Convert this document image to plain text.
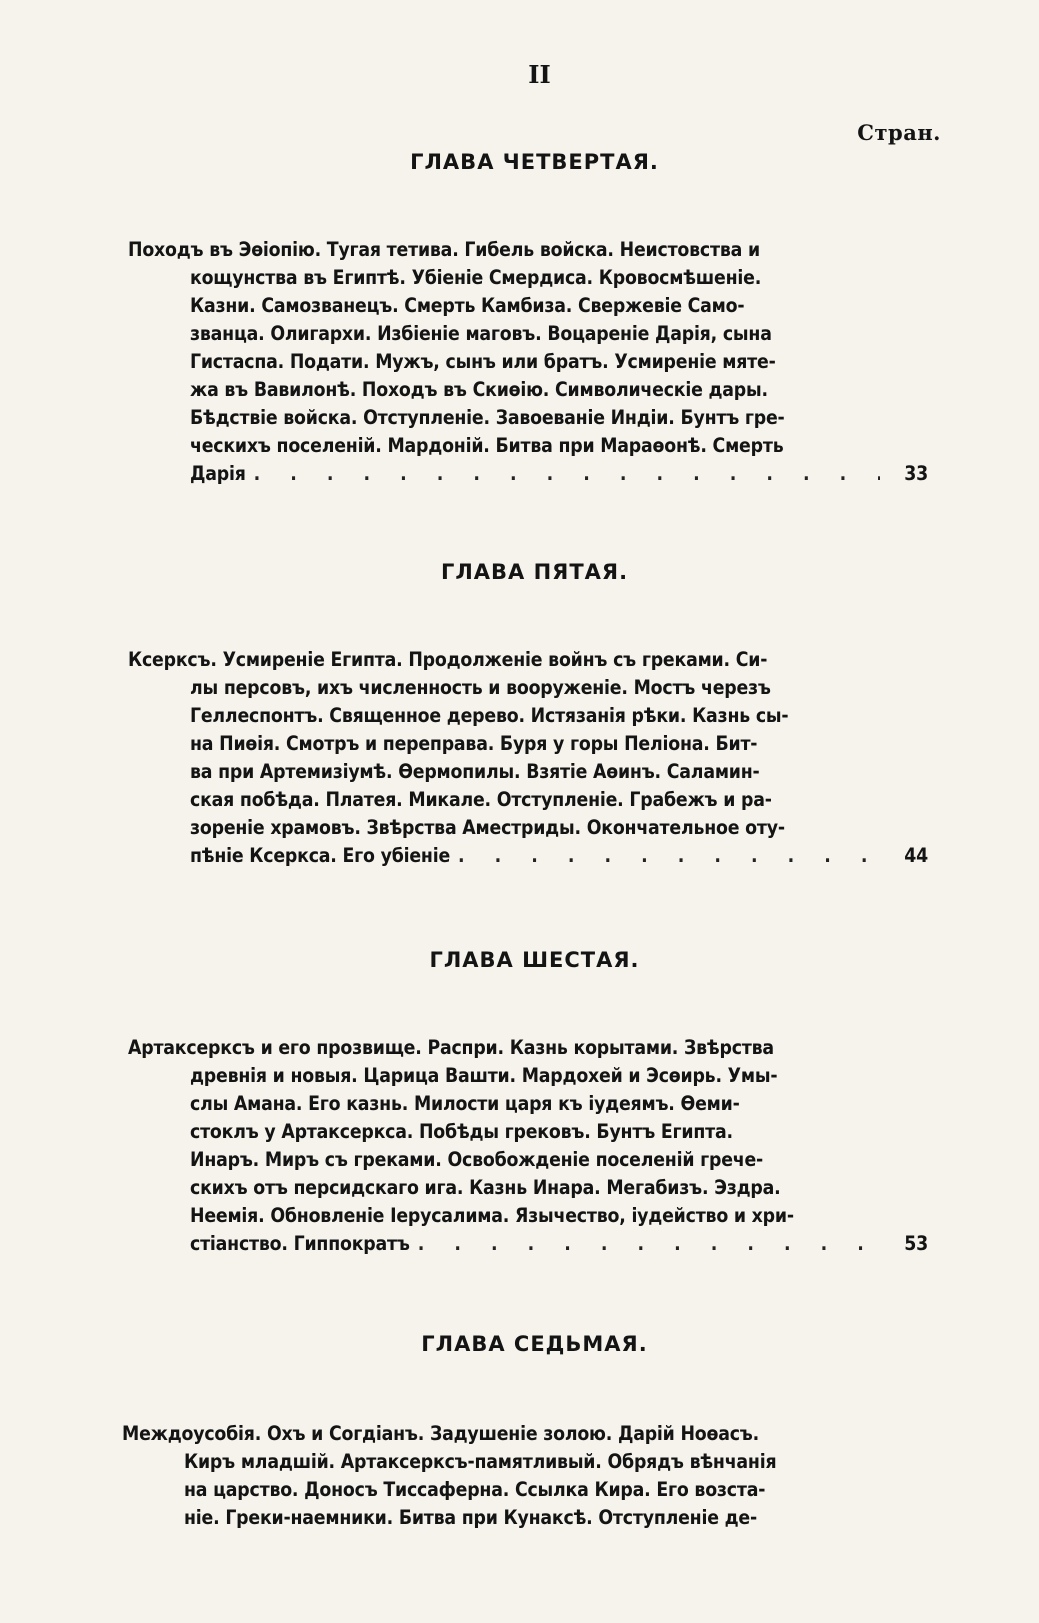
II
Стран.
ГЛАВА ЧЕТВЕРТАЯ.
Походъ въ Эѳіопію. Тугая тетива. Гибель войска. Неистовства и
кощунства въ Египтѣ. Убіеніе Смердиса. Кровосмѣшеніе.
Казни. Самозванецъ. Смерть Камбиза. Свержевіе Само-
званца. Олигархи. Избіеніе маговъ. Воцареніе Дарія, сына
Гистаспа. Подати. Мужъ, сынъ или братъ. Усмиреніе мяте-
жа въ Вавилонѣ. Походъ въ Скиѳію. Символическіе дары.
Бѣдствіе войска. Отступленіе. Завоеваніе Индіи. Бунтъ гре-
ческихъ поселеній. Мардоній. Битва при Мараѳонѣ. Смерть
Дарія . . .	33
ГЛАВА ПЯТАЯ.
Ксерксъ. Усмиреніе Египта. Продолженіе войнъ съ греками. Си-
лы персовъ, ихъ численность и вооруженіе. Мостъ черезъ
Геллеспонтъ. Священное дерево. Истязанія рѣки. Казнь сы-
на Пиѳія. Смотръ и переправа. Буря у горы Пеліона. Бит-
ва при Артемизіумѣ. Ѳермопилы. Взятіе Аѳинъ. Саламин-
ская побѣда. Платея. Микале. Отступленіе. Грабежъ и ра-
зореніе храмовъ. Звѣрства Аместриды. Окончательное оту-
пѣніе Ксеркса. Его убіеніе . . .	44
ГЛАВА ШЕСТАЯ.
Артаксерксъ и его прозвище. Распри. Казнь корытами. Звѣрства
древнія и новыя. Царица Вашти. Мардохей и Эсѳирь. Умы-
слы Амана. Его казнь. Милости царя къ іудеямъ. Ѳеми-
стоклъ у Артаксеркса. Побѣды грековъ. Бунтъ Египта.
Инаръ. Миръ съ греками. Освобожденіе поселеній грече-
скихъ отъ персидскаго ига. Казнь Инара. Мегабизъ. Эздра.
Неемія. Обновленіе Іерусалима. Язычество, іудейство и хри-
стіанство. Гиппократъ . . .	53
ГЛАВА СЕДЬМАЯ.
Междоусобія. Охъ и Согдіанъ. Задушеніе золою. Дарій Ноѳасъ.
Киръ младшій. Артаксерксъ-памятливый. Обрядъ вѣнчанія
на царство. Доносъ Тиссаферна. Ссылка Кира. Его возста-
ніе. Греки-наемники. Битва при Кунаксѣ. Отступленіе де-
